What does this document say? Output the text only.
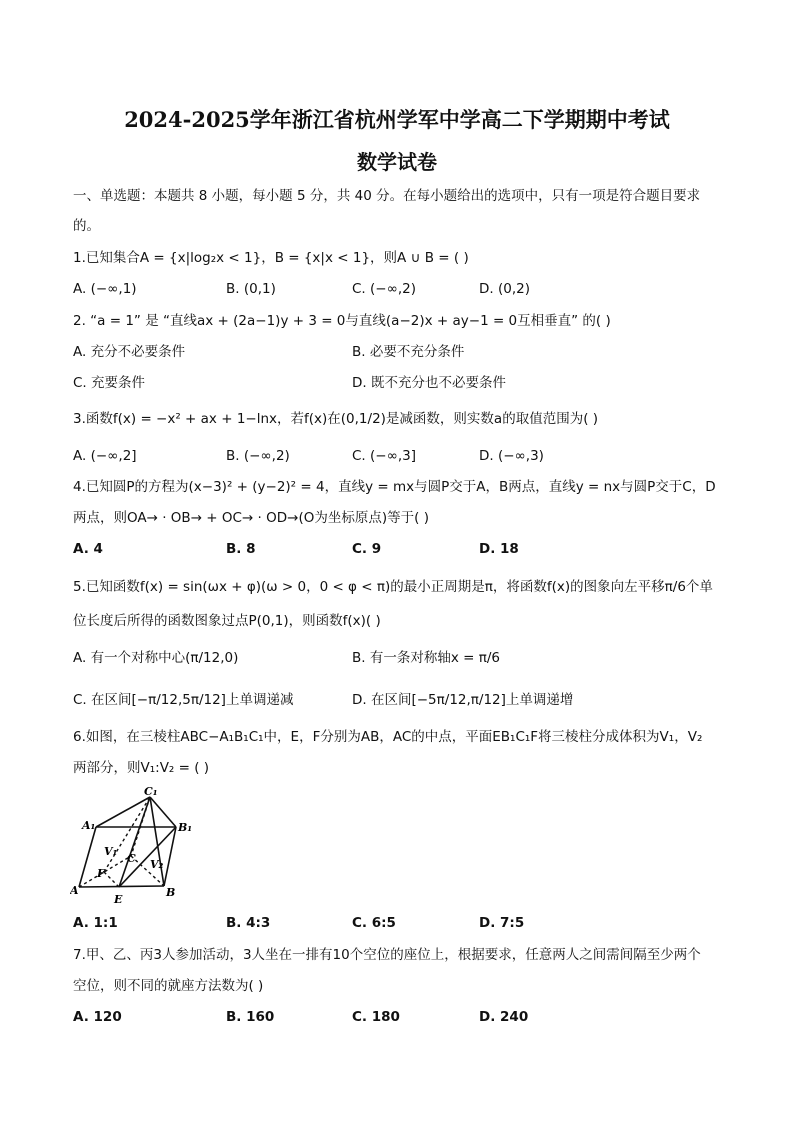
2024-2025学年浙江省杭州学军中学高二下学期期中考试
数学试卷
一、单选题：本题共 8 小题，每小题 5 分，共 40 分。在每小题给出的选项中，只有一项是符合题目要求
的。
1.已知集合A = {x|log₂x < 1}，B = {x|x < 1}，则A ∪ B = ( )
A. (−∞,1)	B. (0,1)	C. (−∞,2)	D. (0,2)
2. “a = 1” 是 “直线ax + (2a−1)y + 3 = 0与直线(a−2)x + ay−1 = 0互相垂直” 的( )
A. 充分不必要条件	B. 必要不充分条件
C. 充要条件	D. 既不充分也不必要条件
3.函数f(x) = −x² + ax + 1−lnx，若f(x)在(0,1/2)是减函数，则实数a的取值范围为( )
A. (−∞,2]	B. (−∞,2)	C. (−∞,3]	D. (−∞,3)
4.已知圆P的方程为(x−3)² + (y−2)² = 4，直线y = mx与圆P交于A，B两点，直线y = nx与圆P交于C，D
两点，则OA→ · OB→ + OC→ · OD→(O为坐标原点)等于( )
A. 4	B. 8	C. 9	D. 18
5.已知函数f(x) = sin(ωx + φ)(ω > 0，0 < φ < π)的最小正周期是π，将函数f(x)的图象向左平移π/6个单
位长度后所得的函数图象过点P(0,1)，则函数f(x)( )
A. 有一个对称中心(π/12,0)	B. 有一条对称轴x = π/6
C. 在区间[−π/12,5π/12]上单调递减	D. 在区间[−5π/12,π/12]上单调递增
6.如图，在三棱柱ABC−A₁B₁C₁中，E，F分别为AB，AC的中点，平面EB₁C₁F将三棱柱分成体积为V₁，V₂
两部分，则V₁:V₂ = ( )
C₁
A₁	B₁
V₁
C V₂
F
A
E
B
A. 1:1	B. 4:3	C. 6:5	D. 7:5
7.甲、乙、丙3人参加活动，3人坐在一排有10个空位的座位上，根据要求，任意两人之间需间隔至少两个
空位，则不同的就座方法数为( )
A. 120	B. 160	C. 180	D. 240
